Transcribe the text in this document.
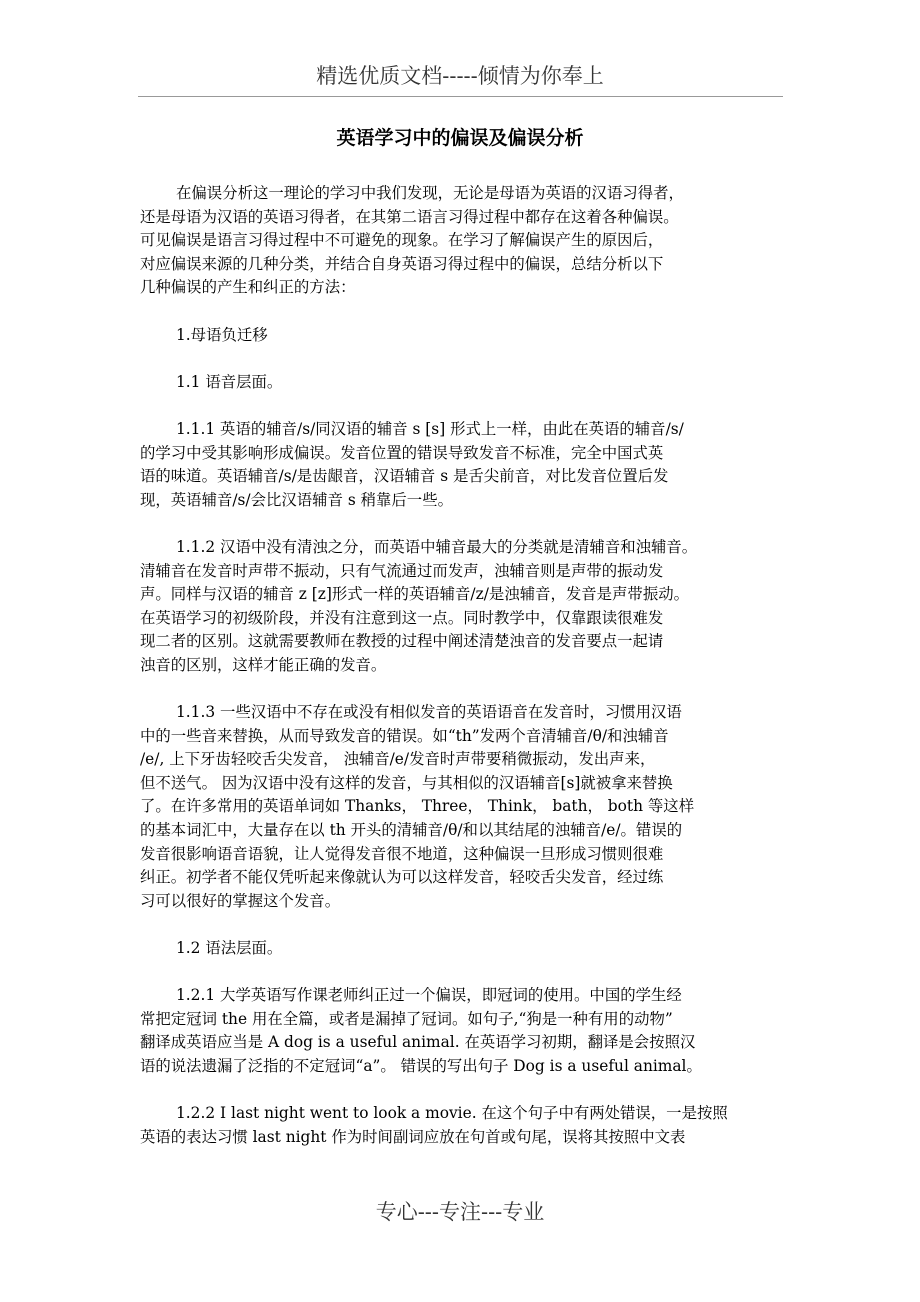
精选优质文档-----倾情为你奉上
英语学习中的偏误及偏误分析
在偏误分析这一理论的学习中我们发现，无论是母语为英语的汉语习得者，
还是母语为汉语的英语习得者，在其第二语言习得过程中都存在这着各种偏误。
可见偏误是语言习得过程中不可避免的现象。在学习了解偏误产生的原因后，
对应偏误来源的几种分类，并结合自身英语习得过程中的偏误，总结分析以下
几种偏误的产生和纠正的方法：
1.母语负迁移
1.1 语音层面。
1.1.1 英语的辅音/s/同汉语的辅音 s [s] 形式上一样，由此在英语的辅音/s/
的学习中受其影响形成偏误。发音位置的错误导致发音不标准，完全中国式英
语的味道。英语辅音/s/是齿龈音，汉语辅音 s 是舌尖前音，对比发音位置后发
现，英语辅音/s/会比汉语辅音 s 稍靠后一些。
1.1.2 汉语中没有清浊之分，而英语中辅音最大的分类就是清辅音和浊辅音。
清辅音在发音时声带不振动，只有气流通过而发声，浊辅音则是声带的振动发
声。同样与汉语的辅音 z [z]形式一样的英语辅音/z/是浊辅音，发音是声带振动。
在英语学习的初级阶段，并没有注意到这一点。同时教学中，仅靠跟读很难发
现二者的区别。这就需要教师在教授的过程中阐述清楚浊音的发音要点一起请
浊音的区别，这样才能正确的发音。
1.1.3 一些汉语中不存在或没有相似发音的英语语音在发音时，习惯用汉语
中的一些音来替换，从而导致发音的错误。如“th”发两个音清辅音/θ/和浊辅音
/e/, 上下牙齿轻咬舌尖发音， 浊辅音/e/发音时声带要稍微振动，发出声来，
但不送气。 因为汉语中没有这样的发音，与其相似的汉语辅音[s]就被拿来替换
了。在许多常用的英语单词如 Thanks， Three， Think， bath， both 等这样
的基本词汇中，大量存在以 th 开头的清辅音/θ/和以其结尾的浊辅音/e/。错误的
发音很影响语音语貌，让人觉得发音很不地道，这种偏误一旦形成习惯则很难
纠正。初学者不能仅凭听起来像就认为可以这样发音，轻咬舌尖发音，经过练
习可以很好的掌握这个发音。
1.2 语法层面。
1.2.1 大学英语写作课老师纠正过一个偏误，即冠词的使用。中国的学生经
常把定冠词 the 用在全篇，或者是漏掉了冠词。如句子,“狗是一种有用的动物”
翻译成英语应当是 A dog is a useful animal. 在英语学习初期，翻译是会按照汉
语的说法遗漏了泛指的不定冠词“a”。 错误的写出句子 Dog is a useful animal。
1.2.2 I last night went to look a movie. 在这个句子中有两处错误，一是按照
英语的表达习惯 last night 作为时间副词应放在句首或句尾，误将其按照中文表
专心---专注---专业
